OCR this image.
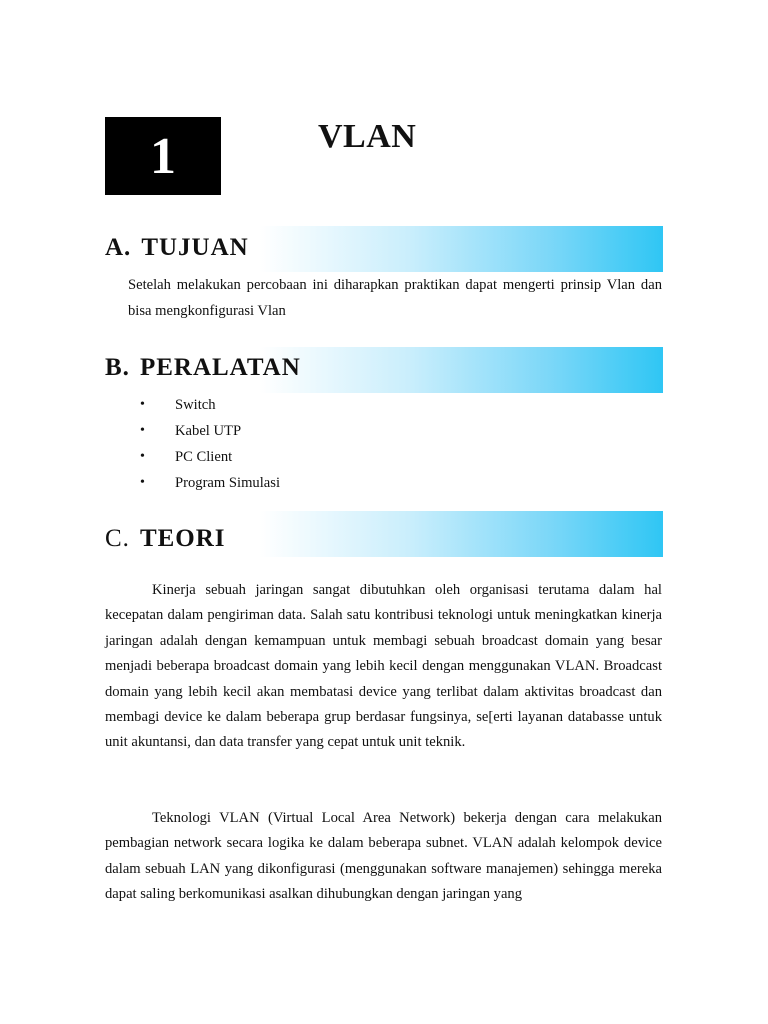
1	VLAN
A. TUJUAN
Setelah melakukan percobaan ini diharapkan praktikan dapat mengerti prinsip Vlan dan bisa mengkonfigurasi Vlan
B. PERALATAN
• Switch
• Kabel UTP
• PC Client
• Program Simulasi
C. TEORI

Kinerja sebuah jaringan sangat dibutuhkan oleh organisasi terutama dalam hal kecepatan dalam pengiriman data. Salah satu kontribusi teknologi untuk meningkatkan kinerja jaringan adalah dengan kemampuan untuk membagi sebuah broadcast domain yang besar menjadi beberapa broadcast domain yang lebih kecil dengan menggunakan VLAN. Broadcast domain yang lebih kecil akan membatasi device yang terlibat dalam aktivitas broadcast dan membagi device ke dalam beberapa grup berdasar fungsinya, se[erti layanan databasse untuk unit akuntansi, dan data transfer yang cepat untuk unit teknik.

Teknologi VLAN (Virtual Local Area Network) bekerja dengan cara melakukan pembagian network secara logika ke dalam beberapa subnet. VLAN adalah kelompok device dalam sebuah LAN yang dikonfigurasi (menggunakan software manajemen) sehingga mereka dapat saling berkomunikasi asalkan dihubungkan dengan jaringan yang
